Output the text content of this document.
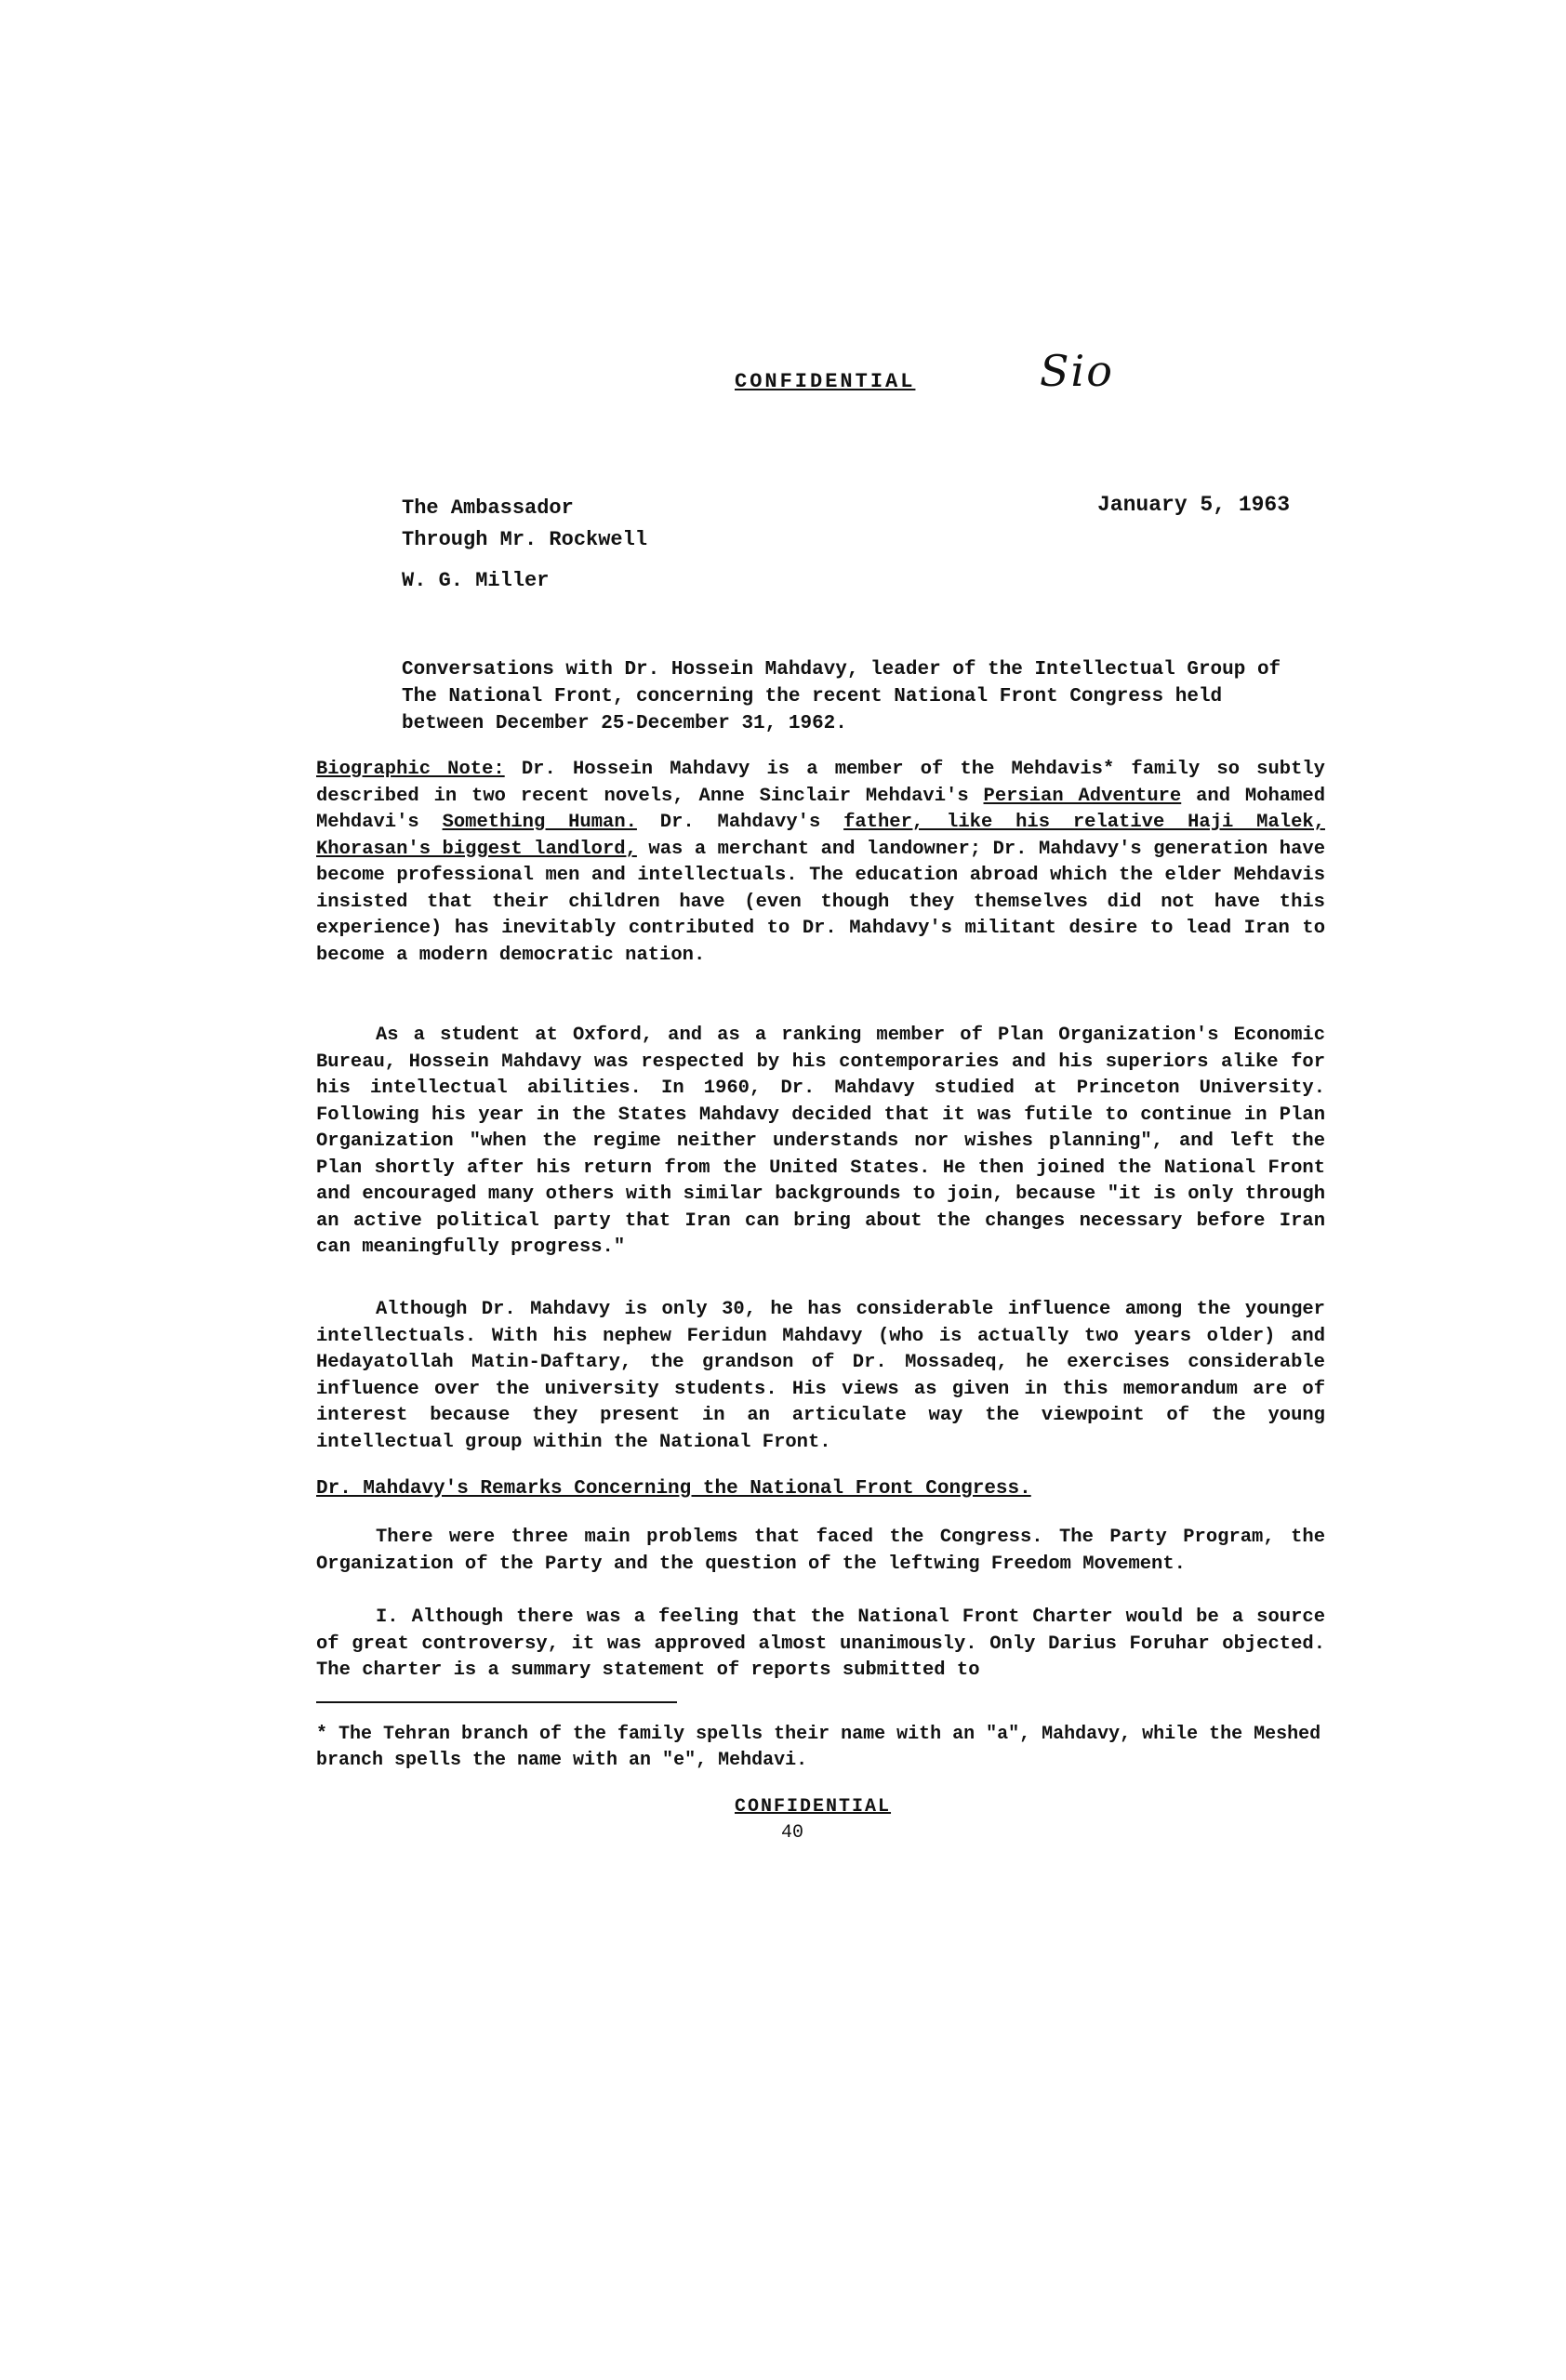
CONFIDENTIAL	Sio
The Ambassador
Through Mr. Rockwell
January 5, 1963
W. G. Miller
Conversations with Dr. Hossein Mahdavy, leader of the Intellectual Group of The National Front, concerning the recent National Front Congress held between December 25-December 31, 1962.
Biographic Note: Dr. Hossein Mahdavy is a member of the Mehdavis* family so subtly described in two recent novels, Anne Sinclair Mehdavi's Persian Adventure and Mohamed Mehdavi's Something Human. Dr. Mahdavy's father, like his relative Haji Malek, Khorasan's biggest landlord, was a merchant and landowner; Dr. Mahdavy's generation have become professional men and intellectuals. The education abroad which the elder Mehdavis insisted that their children have (even though they themselves did not have this experience) has inevitably contributed to Dr. Mahdavy's militant desire to lead Iran to become a modern democratic nation.
As a student at Oxford, and as a ranking member of Plan Organization's Economic Bureau, Hossein Mahdavy was respected by his contemporaries and his superiors alike for his intellectual abilities. In 1960, Dr. Mahdavy studied at Princeton University. Following his year in the States Mahdavy decided that it was futile to continue in Plan Organization "when the regime neither understands nor wishes planning", and left the Plan shortly after his return from the United States. He then joined the National Front and encouraged many others with similar backgrounds to join, because "it is only through an active political party that Iran can bring about the changes necessary before Iran can meaningfully progress."
Although Dr. Mahdavy is only 30, he has considerable influence among the younger intellectuals. With his nephew Feridun Mahdavy (who is actually two years older) and Hedayatollah Matin-Daftary, the grandson of Dr. Mossadeq, he exercises considerable influence over the university students. His views as given in this memorandum are of interest because they present in an articulate way the viewpoint of the young intellectual group within the National Front.
Dr. Mahdavy's Remarks Concerning the National Front Congress.
There were three main problems that faced the Congress. The Party Program, the Organization of the Party and the question of the leftwing Freedom Movement.
I. Although there was a feeling that the National Front Charter would be a source of great controversy, it was approved almost unanimously. Only Darius Foruhar objected. The charter is a summary statement of reports submitted to
* The Tehran branch of the family spells their name with an "a", Mahdavy, while the Meshed branch spells the name with an "e", Mehdavi.
CONFIDENTIAL
40
